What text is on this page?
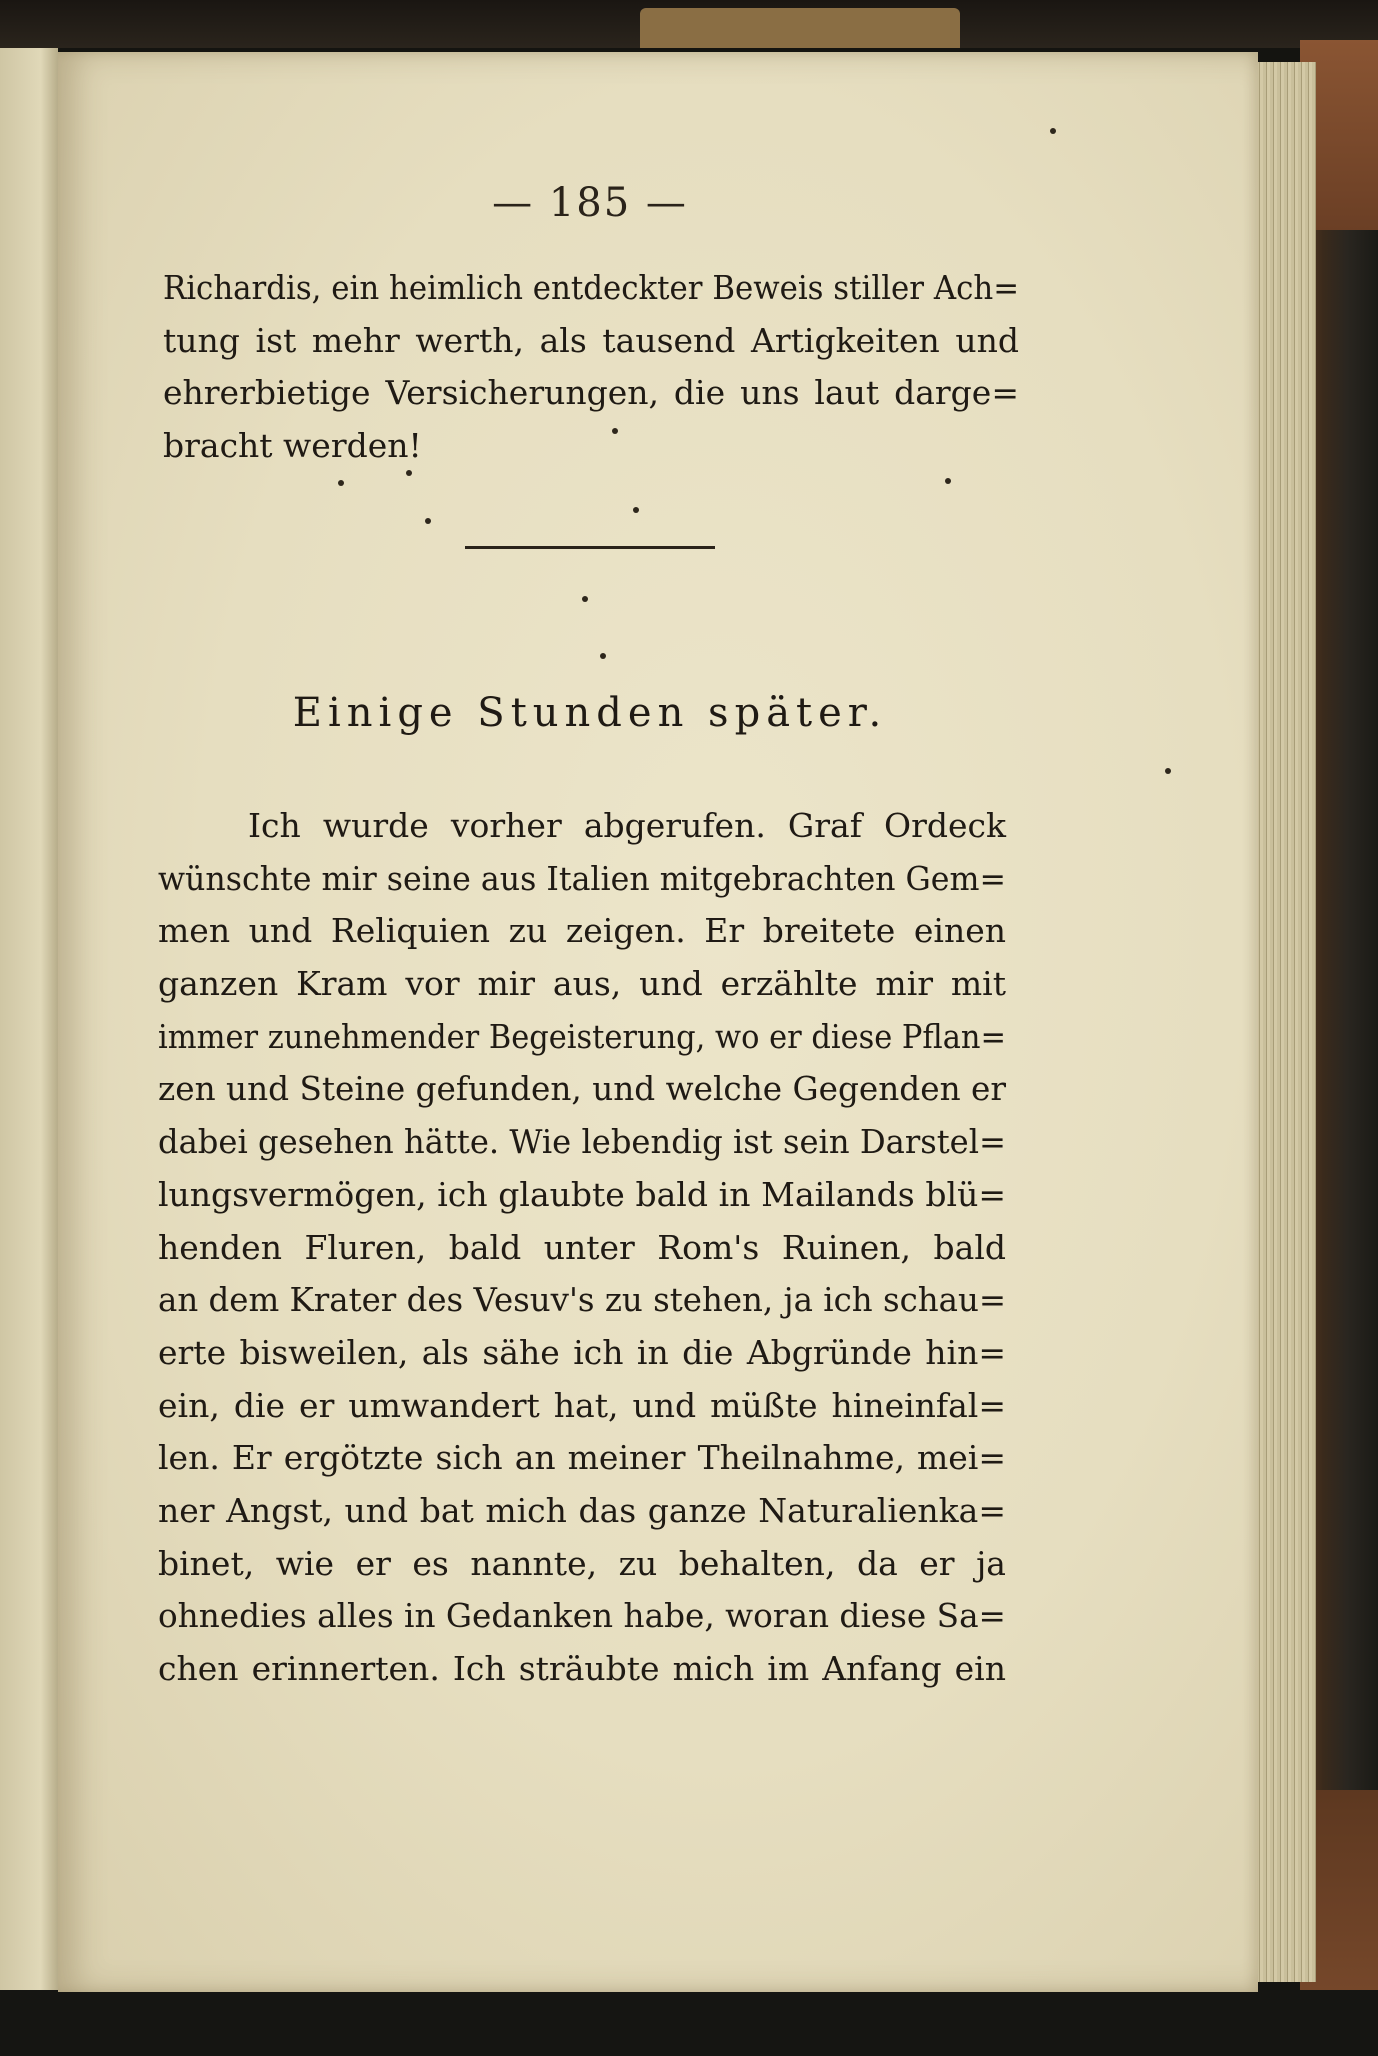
— 185 —
Richardis, ein heimlich entdeckter Beweis stiller Ach=
tung ist mehr werth, als tausend Artigkeiten und
ehrerbietige Versicherungen, die uns laut darge=
bracht werden!
Einige Stunden später.
Ich wurde vorher abgerufen. Graf Ordeck
wünschte mir seine aus Italien mitgebrachten Gem=
men und Reliquien zu zeigen. Er breitete einen
ganzen Kram vor mir aus, und erzählte mir mit
immer zunehmender Begeisterung, wo er diese Pflan=
zen und Steine gefunden, und welche Gegenden er
dabei gesehen hätte. Wie lebendig ist sein Darstel=
lungsvermögen, ich glaubte bald in Mailands blü=
henden Fluren, bald unter Rom's Ruinen, bald
an dem Krater des Vesuv's zu stehen, ja ich schau=
erte bisweilen, als sähe ich in die Abgründe hin=
ein, die er umwandert hat, und müßte hineinfal=
len. Er ergötzte sich an meiner Theilnahme, mei=
ner Angst, und bat mich das ganze Naturalienka=
binet, wie er es nannte, zu behalten, da er ja
ohnedies alles in Gedanken habe, woran diese Sa=
chen erinnerten. Ich sträubte mich im Anfang ein
